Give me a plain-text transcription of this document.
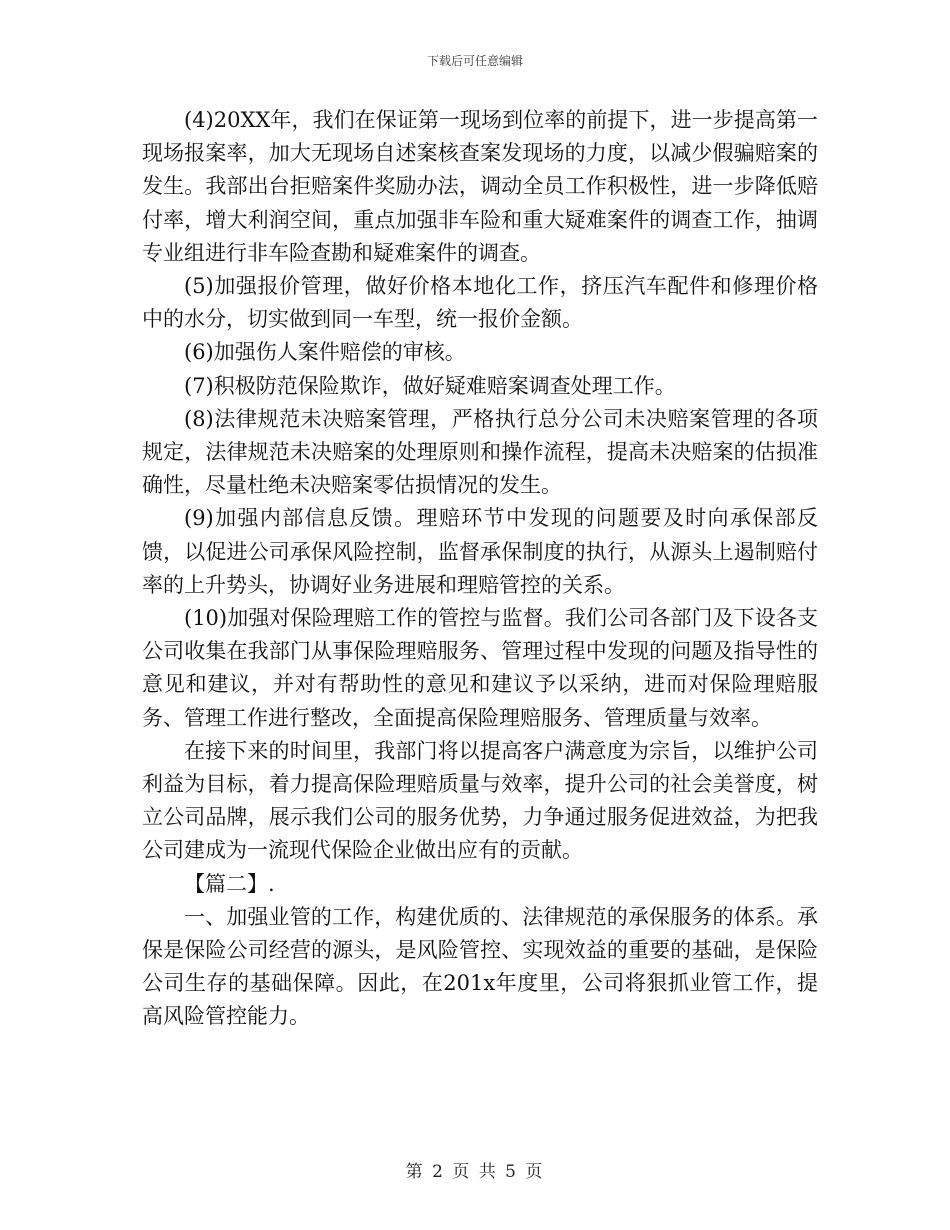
下载后可任意编辑

(4)20XX年，我们在保证第一现场到位率的前提下，进一步提高第一现场报案率，加大无现场自述案核查案发现场的力度，以减少假骗赔案的发生。我部出台拒赔案件奖励办法，调动全员工作积极性，进一步降低赔付率，增大利润空间，重点加强非车险和重大疑难案件的调查工作，抽调专业组进行非车险查勘和疑难案件的调查。

(5)加强报价管理，做好价格本地化工作，挤压汽车配件和修理价格中的水分，切实做到同一车型，统一报价金额。

(6)加强伤人案件赔偿的审核。

(7)积极防范保险欺诈，做好疑难赔案调查处理工作。

(8)法律规范未决赔案管理，严格执行总分公司未决赔案管理的各项规定，法律规范未决赔案的处理原则和操作流程，提高未决赔案的估损准确性，尽量杜绝未决赔案零估损情况的发生。

(9)加强内部信息反馈。理赔环节中发现的问题要及时向承保部反馈，以促进公司承保风险控制，监督承保制度的执行，从源头上遏制赔付率的上升势头，协调好业务进展和理赔管控的关系。

(10)加强对保险理赔工作的管控与监督。我们公司各部门及下设各支公司收集在我部门从事保险理赔服务、管理过程中发现的问题及指导性的意见和建议，并对有帮助性的意见和建议予以采纳，进而对保险理赔服务、管理工作进行整改，全面提高保险理赔服务、管理质量与效率。

在接下来的时间里，我部门将以提高客户满意度为宗旨，以维护公司利益为目标，着力提高保险理赔质量与效率，提升公司的社会美誉度，树立公司品牌，展示我们公司的服务优势，力争通过服务促进效益，为把我公司建成为一流现代保险企业做出应有的贡献。

【篇二】.

一、加强业管的工作，构建优质的、法律规范的承保服务的体系。承保是保险公司经营的源头，是风险管控、实现效益的重要的基础，是保险公司生存的基础保障。因此，在201x年度里，公司将狠抓业管工作，提高风险管控能力。

第 2 页 共 5 页
